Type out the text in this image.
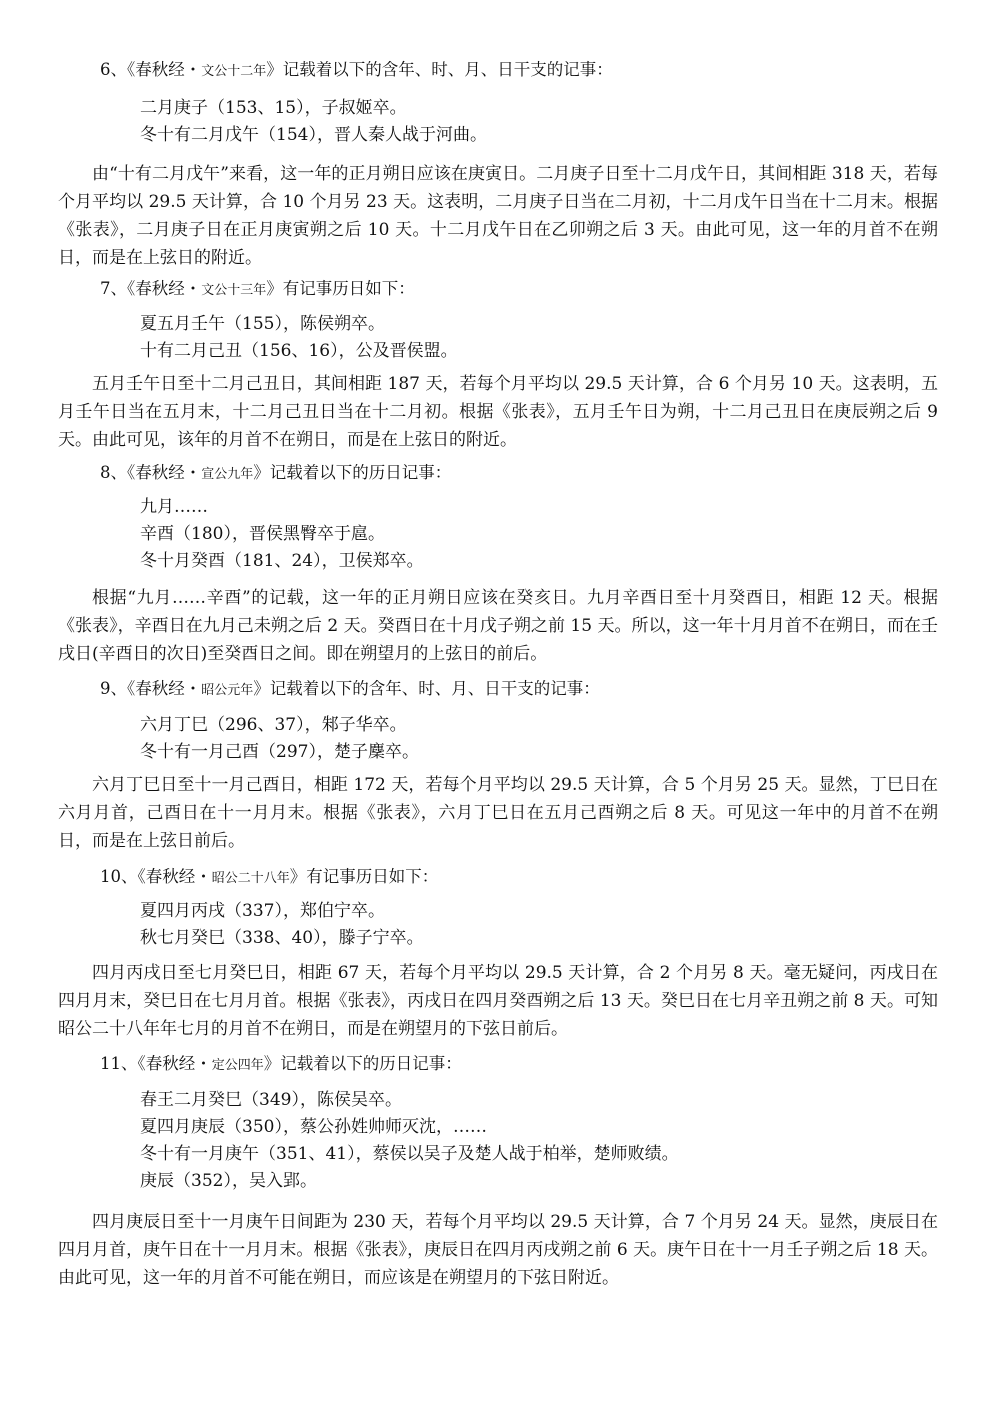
6、《春秋经・文公十二年》记载着以下的含年、时、月、日干支的记事：

二月庚子（153、15），子叔姬卒。
冬十有二月戊午（154），晋人秦人战于河曲。

由“十有二月戊午”来看，这一年的正月朔日应该在庚寅日。二月庚子日至十二月戊午日，其间相距 318 天，若每个月平均以 29.5 天计算，合 10 个月另 23 天。这表明，二月庚子日当在二月初，十二月戊午日当在十二月末。根据《张表》，二月庚子日在正月庚寅朔之后 10 天。十二月戊午日在乙卯朔之后 3 天。由此可见，这一年的月首不在朔日，而是在上弦日的附近。

7、《春秋经・文公十三年》有记事历日如下：

夏五月壬午（155），陈侯朔卒。
十有二月己丑（156、16），公及晋侯盟。

五月壬午日至十二月己丑日，其间相距 187 天，若每个月平均以 29.5 天计算，合 6 个月另 10 天。这表明，五月壬午日当在五月末，十二月己丑日当在十二月初。根据《张表》，五月壬午日为朔，十二月己丑日在庚辰朔之后 9 天。由此可见，该年的月首不在朔日，而是在上弦日的附近。

8、《春秋经・宣公九年》记载着以下的历日记事：

九月……
辛酉（180），晋侯黑臀卒于扈。
冬十月癸酉（181、24），卫侯郑卒。

根据“九月……辛酉”的记载，这一年的正月朔日应该在癸亥日。九月辛酉日至十月癸酉日，相距 12 天。根据《张表》，辛酉日在九月己未朔之后 2 天。癸酉日在十月戊子朔之前 15 天。所以，这一年十月月首不在朔日，而在壬戌日(辛酉日的次日)至癸酉日之间。即在朔望月的上弦日的前后。

9、《春秋经・昭公元年》记载着以下的含年、时、月、日干支的记事：

六月丁巳（296、37），邾子华卒。
冬十有一月己酉（297），楚子麇卒。

六月丁巳日至十一月己酉日，相距 172 天，若每个月平均以 29.5 天计算，合 5 个月另 25 天。显然，丁巳日在六月月首，己酉日在十一月月末。根据《张表》，六月丁巳日在五月己酉朔之后 8 天。可见这一年中的月首不在朔日，而是在上弦日前后。

10、《春秋经・昭公二十八年》有记事历日如下：

夏四月丙戌（337），郑伯宁卒。
秋七月癸巳（338、40），滕子宁卒。

四月丙戌日至七月癸巳日，相距 67 天，若每个月平均以 29.5 天计算，合 2 个月另 8 天。毫无疑问，丙戌日在四月月末，癸巳日在七月月首。根据《张表》，丙戌日在四月癸酉朔之后 13 天。癸巳日在七月辛丑朔之前 8 天。可知昭公二十八年年七月的月首不在朔日，而是在朔望月的下弦日前后。

11、《春秋经・定公四年》记载着以下的历日记事：

春王二月癸巳（349），陈侯吴卒。
夏四月庚辰（350），蔡公孙姓帅师灭沈，……
冬十有一月庚午（351、41），蔡侯以吴子及楚人战于柏举，楚师败绩。
庚辰（352），吴入郢。

四月庚辰日至十一月庚午日间距为 230 天，若每个月平均以 29.5 天计算，合 7 个月另 24 天。显然，庚辰日在四月月首，庚午日在十一月月末。根据《张表》，庚辰日在四月丙戌朔之前 6 天。庚午日在十一月壬子朔之后 18 天。由此可见，这一年的月首不可能在朔日，而应该是在朔望月的下弦日附近。
